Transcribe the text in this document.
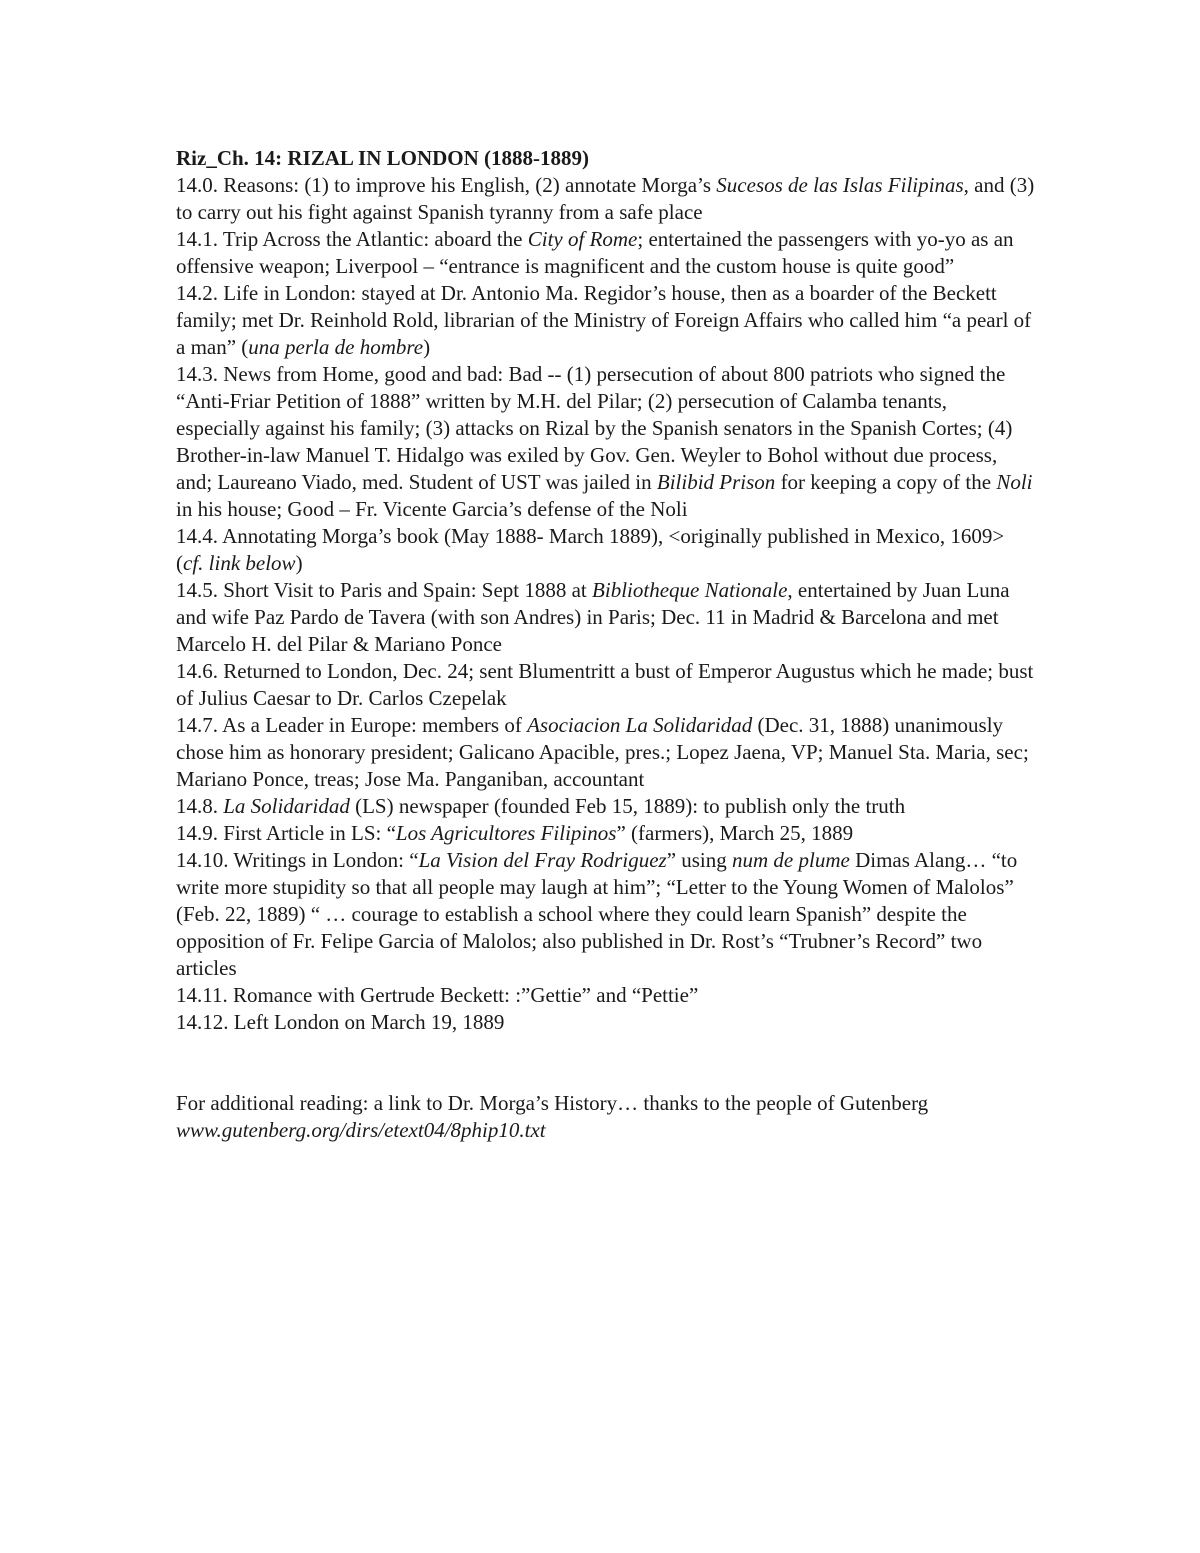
Riz_Ch. 14: RIZAL IN LONDON (1888-1889)

14.0. Reasons: (1) to improve his English, (2) annotate Morga’s Sucesos de las Islas Filipinas, and (3) to carry out his fight against Spanish tyranny from a safe place

14.1. Trip Across the Atlantic: aboard the City of Rome; entertained the passengers with yo-yo as an offensive weapon; Liverpool – “entrance is magnificent and the custom house is quite good”

14.2. Life in London: stayed at Dr. Antonio Ma. Regidor’s house, then as a boarder of the Beckett family; met Dr. Reinhold Rold, librarian of the Ministry of Foreign Affairs who called him “a pearl of a man” (una perla de hombre)

14.3. News from Home, good and bad: Bad -- (1) persecution of about 800 patriots who signed the “Anti-Friar Petition of 1888” written by M.H. del Pilar; (2) persecution of Calamba tenants, especially against his family; (3) attacks on Rizal by the Spanish senators in the Spanish Cortes; (4) Brother-in-law Manuel T. Hidalgo was exiled by Gov. Gen. Weyler to Bohol without due process, and; Laureano Viado, med. Student of UST was jailed in Bilibid Prison for keeping a copy of the Noli in his house; Good – Fr. Vicente Garcia’s defense of the Noli

14.4. Annotating Morga’s book (May 1888- March 1889), <originally published in Mexico, 1609> (cf. link below)

14.5. Short Visit to Paris and Spain: Sept 1888 at Bibliotheque Nationale, entertained by Juan Luna and wife Paz Pardo de Tavera (with son Andres) in Paris; Dec. 11 in Madrid & Barcelona and met Marcelo H. del Pilar & Mariano Ponce

14.6. Returned to London, Dec. 24; sent Blumentritt a bust of Emperor Augustus which he made; bust of Julius Caesar to Dr. Carlos Czepelak

14.7. As a Leader in Europe: members of Asociacion La Solidaridad (Dec. 31, 1888) unanimously chose him as honorary president; Galicano Apacible, pres.; Lopez Jaena, VP; Manuel Sta. Maria, sec; Mariano Ponce, treas; Jose Ma. Panganiban, accountant

14.8. La Solidaridad (LS) newspaper (founded Feb 15, 1889): to publish only the truth

14.9. First Article in LS: “Los Agricultores Filipinos” (farmers), March 25, 1889

14.10. Writings in London: “La Vision del Fray Rodriguez” using num de plume Dimas Alang… “to write more stupidity so that all people may laugh at him”; “Letter to the Young Women of Malolos” (Feb. 22, 1889) “ … courage to establish a school where they could learn Spanish” despite the opposition of Fr. Felipe Garcia of Malolos; also published in Dr. Rost’s “Trubner’s Record” two articles

14.11. Romance with Gertrude Beckett: :”Gettie” and “Pettie”

14.12. Left London on March 19, 1889

For additional reading: a link to Dr. Morga’s History… thanks to the people of Gutenberg

www.gutenberg.org/dirs/etext04/8phip10.txt
